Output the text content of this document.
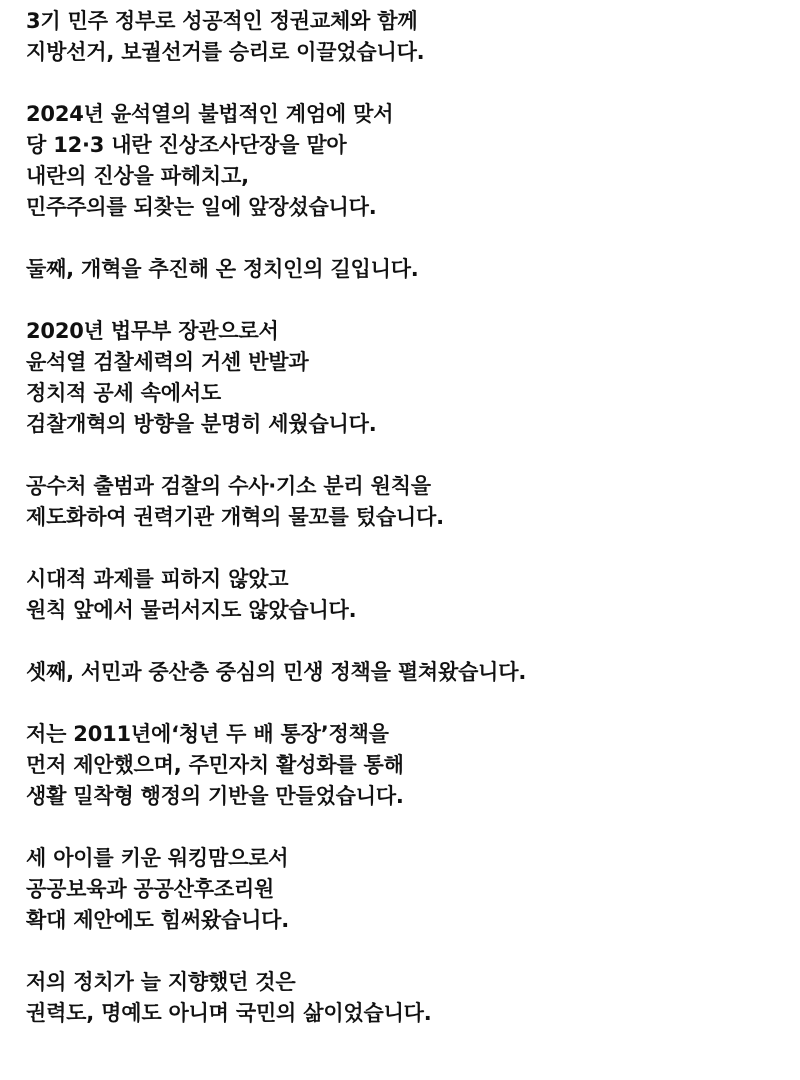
3기 민주 정부로 성공적인 정권교체와 함께
지방선거, 보궐선거를 승리로 이끌었습니다.
2024년 윤석열의 불법적인 계엄에 맞서
당 12·3 내란 진상조사단장을 맡아
내란의 진상을 파헤치고,
민주주의를 되찾는 일에 앞장섰습니다.
둘째, 개혁을 추진해 온 정치인의 길입니다.
2020년 법무부 장관으로서
윤석열 검찰세력의 거센 반발과
정치적 공세 속에서도
검찰개혁의 방향을 분명히 세웠습니다.
공수처 출범과 검찰의 수사·기소 분리 원칙을
제도화하여 권력기관 개혁의 물꼬를 텄습니다.
시대적 과제를 피하지 않았고
원칙 앞에서 물러서지도 않았습니다.
셋째, 서민과 중산층 중심의 민생 정책을 펼쳐왔습니다.
저는 2011년에‘청년 두 배 통장’정책을
먼저 제안했으며, 주민자치 활성화를 통해
생활 밀착형 행정의 기반을 만들었습니다.
세 아이를 키운 워킹맘으로서
공공보육과 공공산후조리원
확대 제안에도 힘써왔습니다.
저의 정치가 늘 지향했던 것은
권력도, 명예도 아니며 국민의 삶이었습니다.
